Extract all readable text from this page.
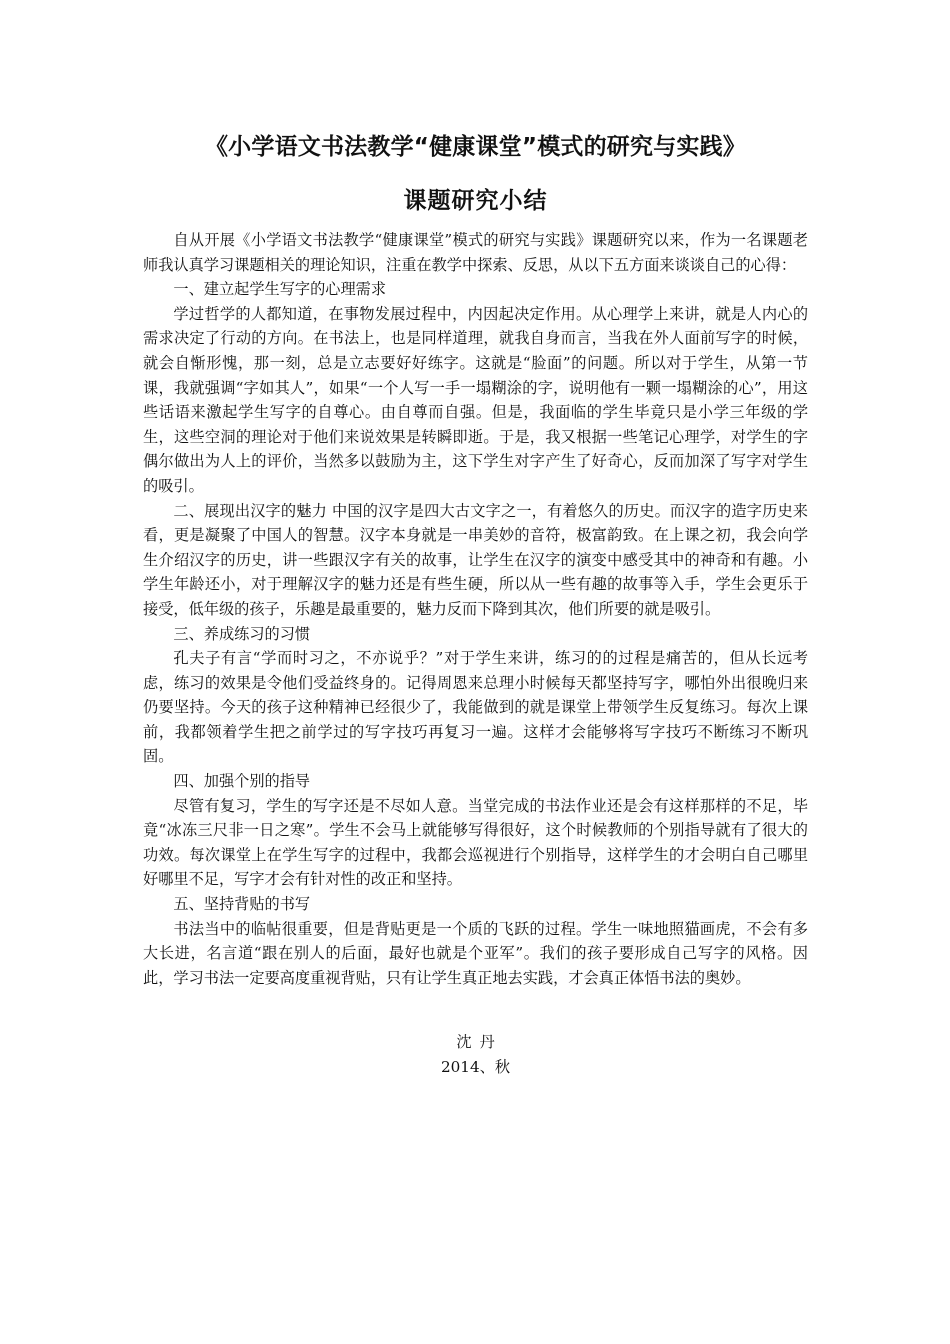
《小学语文书法教学“健康课堂”模式的研究与实践》
课题研究小结

自从开展《小学语文书法教学“健康课堂”模式的研究与实践》课题研究以来，作为一名课题老师我认真学习课题相关的理论知识，注重在教学中探索、反思，从以下五方面来谈谈自己的心得：

一、建立起学生写字的心理需求

学过哲学的人都知道，在事物发展过程中，内因起决定作用。从心理学上来讲，就是人内心的需求决定了行动的方向。在书法上，也是同样道理，就我自身而言，当我在外人面前写字的时候，就会自惭形愧，那一刻，总是立志要好好练字。这就是“脸面”的问题。所以对于学生，从第一节课，我就强调“字如其人”，如果“一个人写一手一塌糊涂的字，说明他有一颗一塌糊涂的心”，用这些话语来激起学生写字的自尊心。由自尊而自强。但是，我面临的学生毕竟只是小学三年级的学生，这些空洞的理论对于他们来说效果是转瞬即逝。于是，我又根据一些笔记心理学，对学生的字偶尔做出为人上的评价，当然多以鼓励为主，这下学生对字产生了好奇心，反而加深了写字对学生的吸引。

二、展现出汉字的魅力 中国的汉字是四大古文字之一，有着悠久的历史。而汉字的造字历史来看，更是凝聚了中国人的智慧。汉字本身就是一串美妙的音符，极富韵致。在上课之初，我会向学生介绍汉字的历史，讲一些跟汉字有关的故事，让学生在汉字的演变中感受其中的神奇和有趣。小学生年龄还小，对于理解汉字的魅力还是有些生硬，所以从一些有趣的故事等入手，学生会更乐于接受，低年级的孩子，乐趣是最重要的，魅力反而下降到其次，他们所要的就是吸引。

三、养成练习的习惯

孔夫子有言“学而时习之，不亦说乎？”对于学生来讲，练习的的过程是痛苦的，但从长远考虑，练习的效果是令他们受益终身的。记得周恩来总理小时候每天都坚持写字，哪怕外出很晚归来仍要坚持。今天的孩子这种精神已经很少了，我能做到的就是课堂上带领学生反复练习。每次上课前，我都领着学生把之前学过的写字技巧再复习一遍。这样才会能够将写字技巧不断练习不断巩固。

四、加强个别的指导

尽管有复习，学生的写字还是不尽如人意。当堂完成的书法作业还是会有这样那样的不足，毕竟“冰冻三尺非一日之寒”。学生不会马上就能够写得很好，这个时候教师的个别指导就有了很大的功效。每次课堂上在学生写字的过程中，我都会巡视进行个别指导，这样学生的才会明白自己哪里好哪里不足，写字才会有针对性的改正和坚持。

五、坚持背贴的书写

书法当中的临帖很重要，但是背贴更是一个质的飞跃的过程。学生一味地照猫画虎，不会有多大长进，名言道“跟在别人的后面，最好也就是个亚军”。我们的孩子要形成自己写字的风格。因此，学习书法一定要高度重视背贴，只有让学生真正地去实践，才会真正体悟书法的奥妙。

沈丹
2014、秋
